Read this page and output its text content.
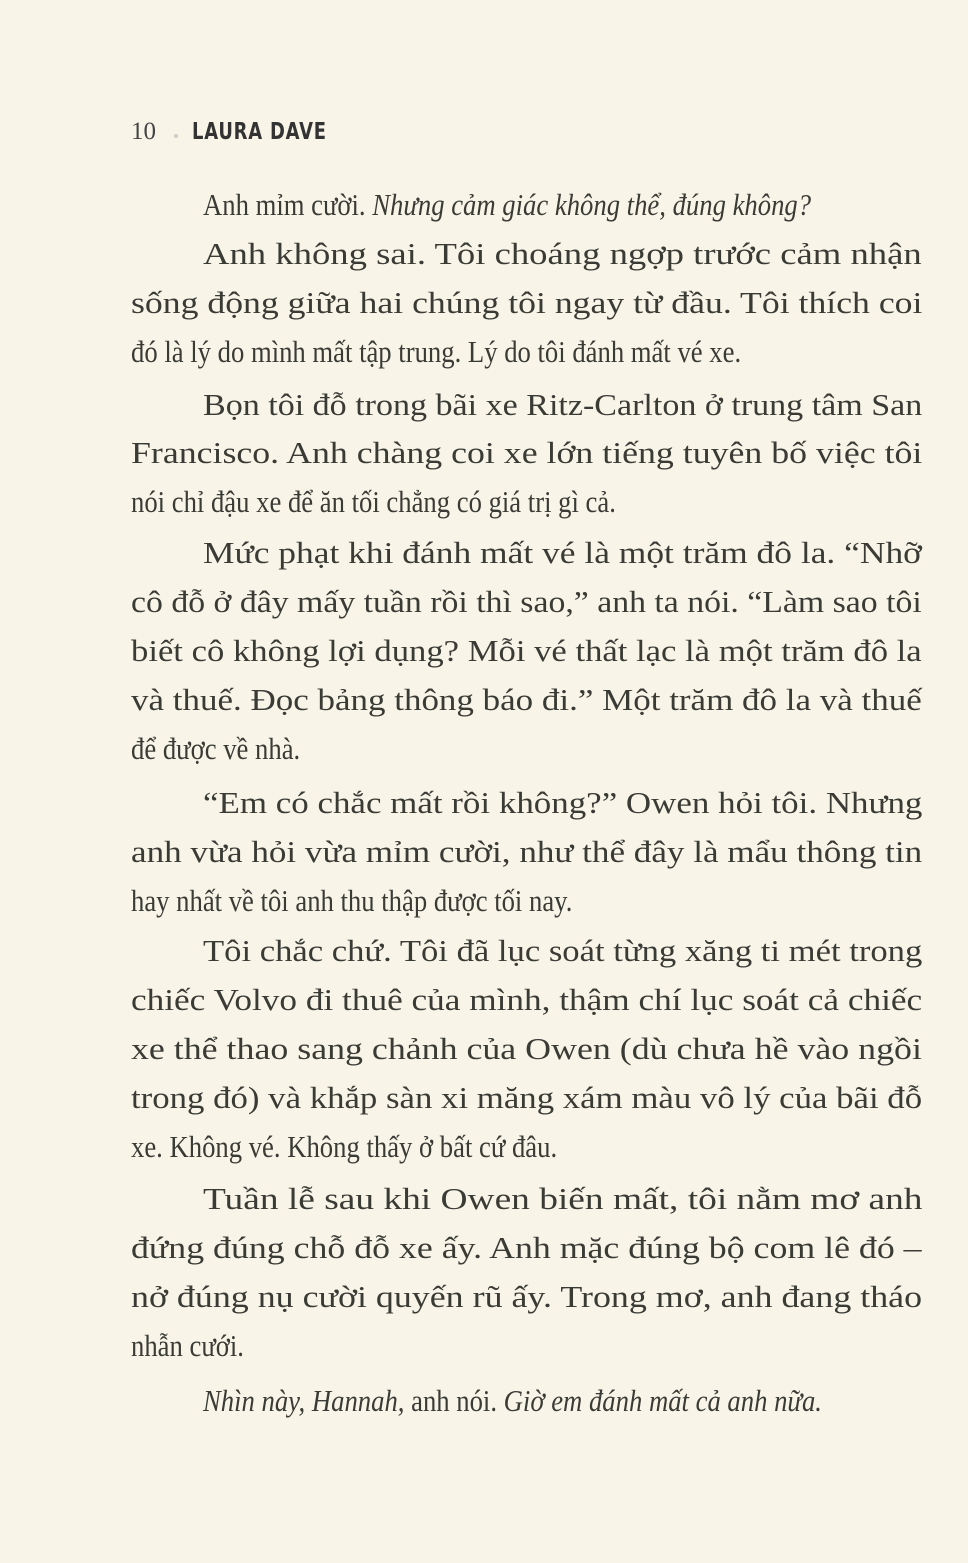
10 LAURA DAVE
Anh mỉm cười. Nhưng cảm giác không thể, đúng không?
Anh không sai. Tôi choáng ngợp trước cảm nhận
sống động giữa hai chúng tôi ngay từ đầu. Tôi thích coi
đó là lý do mình mất tập trung. Lý do tôi đánh mất vé xe.
Bọn tôi đỗ trong bãi xe Ritz-Carlton ở trung tâm San
Francisco. Anh chàng coi xe lớn tiếng tuyên bố việc tôi
nói chỉ đậu xe để ăn tối chẳng có giá trị gì cả.
Mức phạt khi đánh mất vé là một trăm đô la. “Nhỡ
cô đỗ ở đây mấy tuần rồi thì sao,” anh ta nói. “Làm sao tôi
biết cô không lợi dụng? Mỗi vé thất lạc là một trăm đô la
và thuế. Đọc bảng thông báo đi.” Một trăm đô la và thuế
để được về nhà.
“Em có chắc mất rồi không?” Owen hỏi tôi. Nhưng
anh vừa hỏi vừa mỉm cười, như thể đây là mẩu thông tin
hay nhất về tôi anh thu thập được tối nay.
Tôi chắc chứ. Tôi đã lục soát từng xăng ti mét trong
chiếc Volvo đi thuê của mình, thậm chí lục soát cả chiếc
xe thể thao sang chảnh của Owen (dù chưa hề vào ngồi
trong đó) và khắp sàn xi măng xám màu vô lý của bãi đỗ
xe. Không vé. Không thấy ở bất cứ đâu.
Tuần lễ sau khi Owen biến mất, tôi nằm mơ anh
đứng đúng chỗ đỗ xe ấy. Anh mặc đúng bộ com lê đó –
nở đúng nụ cười quyến rũ ấy. Trong mơ, anh đang tháo
nhẫn cưới.
Nhìn này, Hannah, anh nói. Giờ em đánh mất cả anh nữa.
